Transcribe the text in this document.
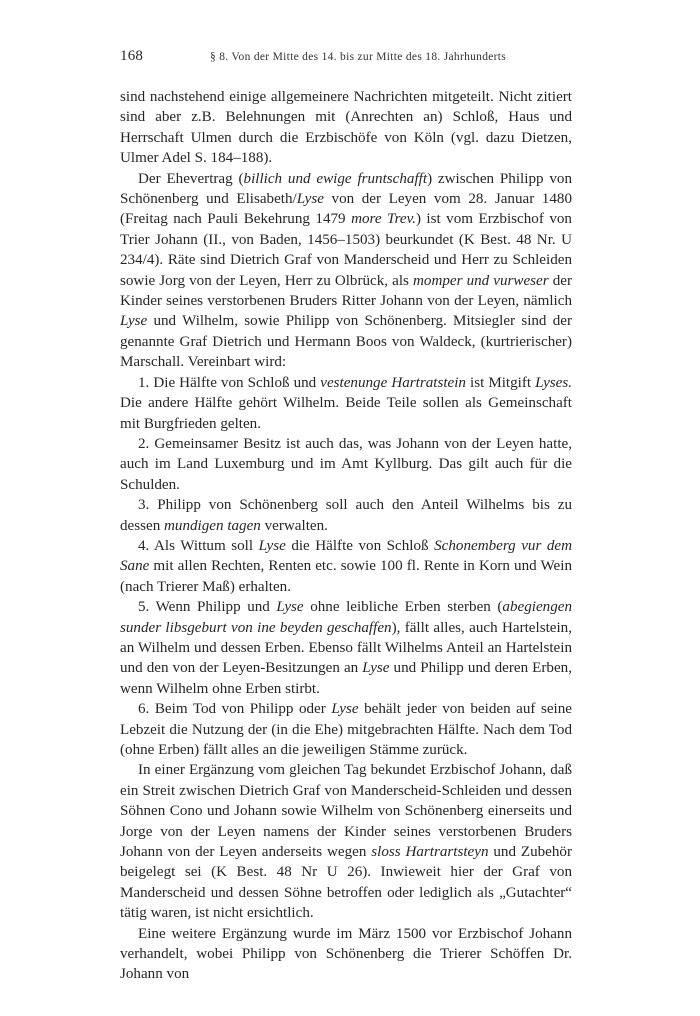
168	§ 8. Von der Mitte des 14. bis zur Mitte des 18. Jahrhunderts

sind nachstehend einige allgemeinere Nachrichten mitgeteilt. Nicht zitiert sind aber z.B. Belehnungen mit (Anrechten an) Schloß, Haus und Herrschaft Ulmen durch die Erzbischöfe von Köln (vgl. dazu Dietzen, Ulmer Adel S. 184–188).

Der Ehevertrag (billich und ewige fruntschafft) zwischen Philipp von Schönenberg und Elisabeth/Lyse von der Leyen vom 28. Januar 1480 (Freitag nach Pauli Bekehrung 1479 more Trev.) ist vom Erzbischof von Trier Johann (II., von Baden, 1456–1503) beurkundet (K Best. 48 Nr. U 234/4). Räte sind Dietrich Graf von Manderscheid und Herr zu Schleiden sowie Jorg von der Leyen, Herr zu Olbrück, als momper und vurweser der Kinder seines verstorbenen Bruders Ritter Johann von der Leyen, nämlich Lyse und Wilhelm, sowie Philipp von Schönenberg. Mitsiegler sind der genannte Graf Dietrich und Hermann Boos von Waldeck, (kurtrierischer) Marschall. Vereinbart wird:

1. Die Hälfte von Schloß und vestenunge Hartratstein ist Mitgift Lyses. Die andere Hälfte gehört Wilhelm. Beide Teile sollen als Gemeinschaft mit Burgfrieden gelten.

2. Gemeinsamer Besitz ist auch das, was Johann von der Leyen hatte, auch im Land Luxemburg und im Amt Kyllburg. Das gilt auch für die Schulden.

3. Philipp von Schönenberg soll auch den Anteil Wilhelms bis zu dessen mundigen tagen verwalten.

4. Als Wittum soll Lyse die Hälfte von Schloß Schonemberg vur dem Sane mit allen Rechten, Renten etc. sowie 100 fl. Rente in Korn und Wein (nach Trierer Maß) erhalten.

5. Wenn Philipp und Lyse ohne leibliche Erben sterben (abegiengen sunder libsgeburt von ine beyden geschaffen), fällt alles, auch Hartelstein, an Wilhelm und dessen Erben. Ebenso fällt Wilhelms Anteil an Hartelstein und den von der Leyen-Besitzungen an Lyse und Philipp und deren Erben, wenn Wilhelm ohne Erben stirbt.

6. Beim Tod von Philipp oder Lyse behält jeder von beiden auf seine Lebzeit die Nutzung der (in die Ehe) mitgebrachten Hälfte. Nach dem Tod (ohne Erben) fällt alles an die jeweiligen Stämme zurück.

In einer Ergänzung vom gleichen Tag bekundet Erzbischof Johann, daß ein Streit zwischen Dietrich Graf von Manderscheid-Schleiden und dessen Söhnen Cono und Johann sowie Wilhelm von Schönenberg einerseits und Jorge von der Leyen namens der Kinder seines verstorbenen Bruders Johann von der Leyen anderseits wegen sloss Hartrartsteyn und Zubehör beigelegt sei (K Best. 48 Nr U 26). Inwieweit hier der Graf von Manderscheid und dessen Söhne betroffen oder lediglich als „Gutachter“ tätig waren, ist nicht ersichtlich.

Eine weitere Ergänzung wurde im März 1500 vor Erzbischof Johann verhandelt, wobei Philipp von Schönenberg die Trierer Schöffen Dr. Johann von
